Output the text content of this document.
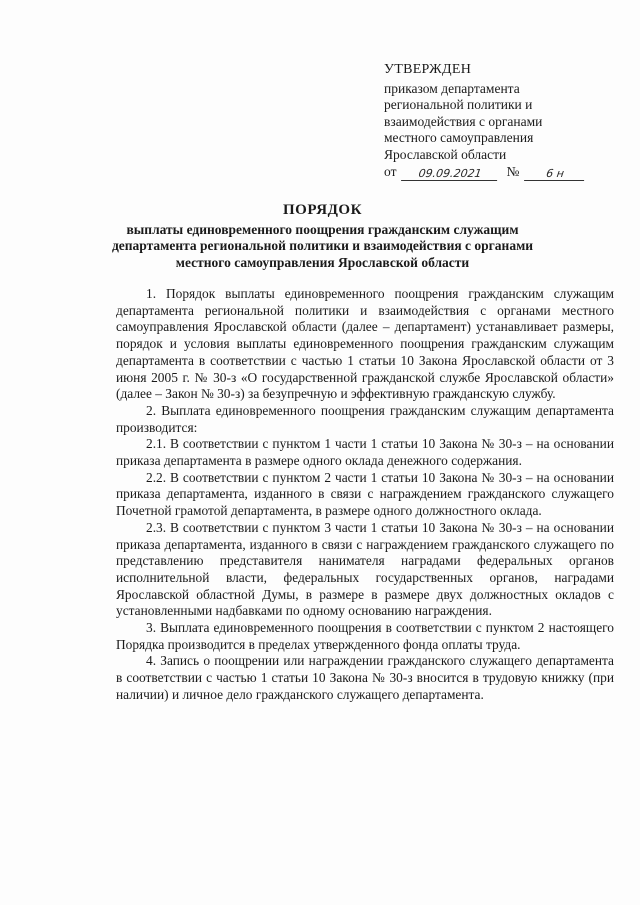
УТВЕРЖДЕН
приказом департамента
региональной политики и
взаимодействия с органами
местного самоуправления
Ярославской области
от	09.09.2021	№	6 н
ПОРЯДОК
выплаты единовременного поощрения гражданским служащим департамента региональной политики и взаимодействия с органами местного самоуправления Ярославской области

1. Порядок выплаты единовременного поощрения гражданским служащим департамента региональной политики и взаимодействия с органами местного самоуправления Ярославской области (далее – департамент) устанавливает размеры, порядок и условия выплаты единовременного поощрения гражданским служащим департамента в соответствии с частью 1 статьи 10 Закона Ярославской области от 3 июня 2005 г. № 30-з «О государственной гражданской службе Ярославской области» (далее – Закон № 30-з) за безупречную и эффективную гражданскую службу.

2. Выплата единовременного поощрения гражданским служащим департамента производится:

2.1. В соответствии с пунктом 1 части 1 статьи 10 Закона № 30-з – на основании приказа департамента в размере одного оклада денежного содержания.

2.2. В соответствии с пунктом 2 части 1 статьи 10 Закона № 30-з – на основании приказа департамента, изданного в связи с награждением гражданского служащего Почетной грамотой департамента, в размере одного должностного оклада.

2.3. В соответствии с пунктом 3 части 1 статьи 10 Закона № 30-з – на основании приказа департамента, изданного в связи с награждением гражданского служащего по представлению представителя нанимателя наградами федеральных органов исполнительной власти, федеральных государственных органов, наградами Ярославской областной Думы, в размере в размере двух должностных окладов с установленными надбавками по одному основанию награждения.

3. Выплата единовременного поощрения в соответствии с пунктом 2 настоящего Порядка производится в пределах утвержденного фонда оплаты труда.

4. Запись о поощрении или награждении гражданского служащего департамента в соответствии с частью 1 статьи 10 Закона № 30-з вносится в трудовую книжку (при наличии) и личное дело гражданского служащего департамента.
